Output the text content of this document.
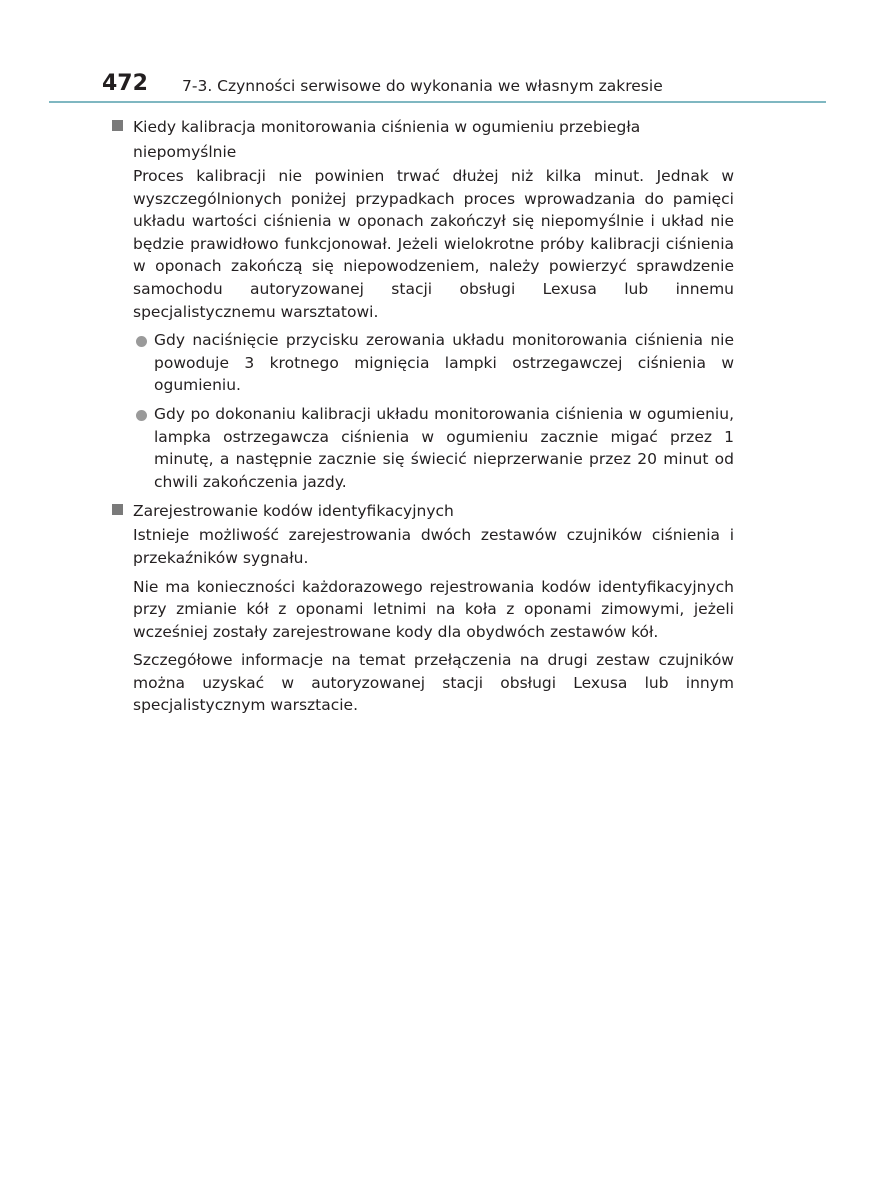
472 7-3. Czynności serwisowe do wykonania we własnym zakresie

Kiedy kalibracja monitorowania ciśnienia w ogumieniu przebiegła niepomyślnie

Proces kalibracji nie powinien trwać dłużej niż kilka minut. Jednak w wyszczególnionych poniżej przypadkach proces wprowadzania do pamięci układu wartości ciśnienia w oponach zakończył się niepomyślnie i układ nie będzie prawidłowo funkcjonował. Jeżeli wielokrotne próby kalibracji ciśnienia w oponach zakończą się niepowodzeniem, należy powierzyć sprawdzenie samochodu autoryzowanej stacji obsługi Lexusa lub innemu specjalistycznemu warsztatowi.

Gdy naciśnięcie przycisku zerowania układu monitorowania ciśnienia nie powoduje 3 krotnego mignięcia lampki ostrzegawczej ciśnienia w ogumieniu.
Gdy po dokonaniu kalibracji układu monitorowania ciśnienia w ogumieniu, lampka ostrzegawcza ciśnienia w ogumieniu zacznie migać przez 1 minutę, a następnie zacznie się świecić nieprzerwanie przez 20 minut od chwili zakończenia jazdy.

Zarejestrowanie kodów identyfikacyjnych

Istnieje możliwość zarejestrowania dwóch zestawów czujników ciśnienia i przekaźników sygnału.

Nie ma konieczności każdorazowego rejestrowania kodów identyfikacyjnych przy zmianie kół z oponami letnimi na koła z oponami zimowymi, jeżeli wcześniej zostały zarejestrowane kody dla obydwóch zestawów kół.

Szczegółowe informacje na temat przełączenia na drugi zestaw czujników można uzyskać w autoryzowanej stacji obsługi Lexusa lub innym specjalistycznym warsztacie.
